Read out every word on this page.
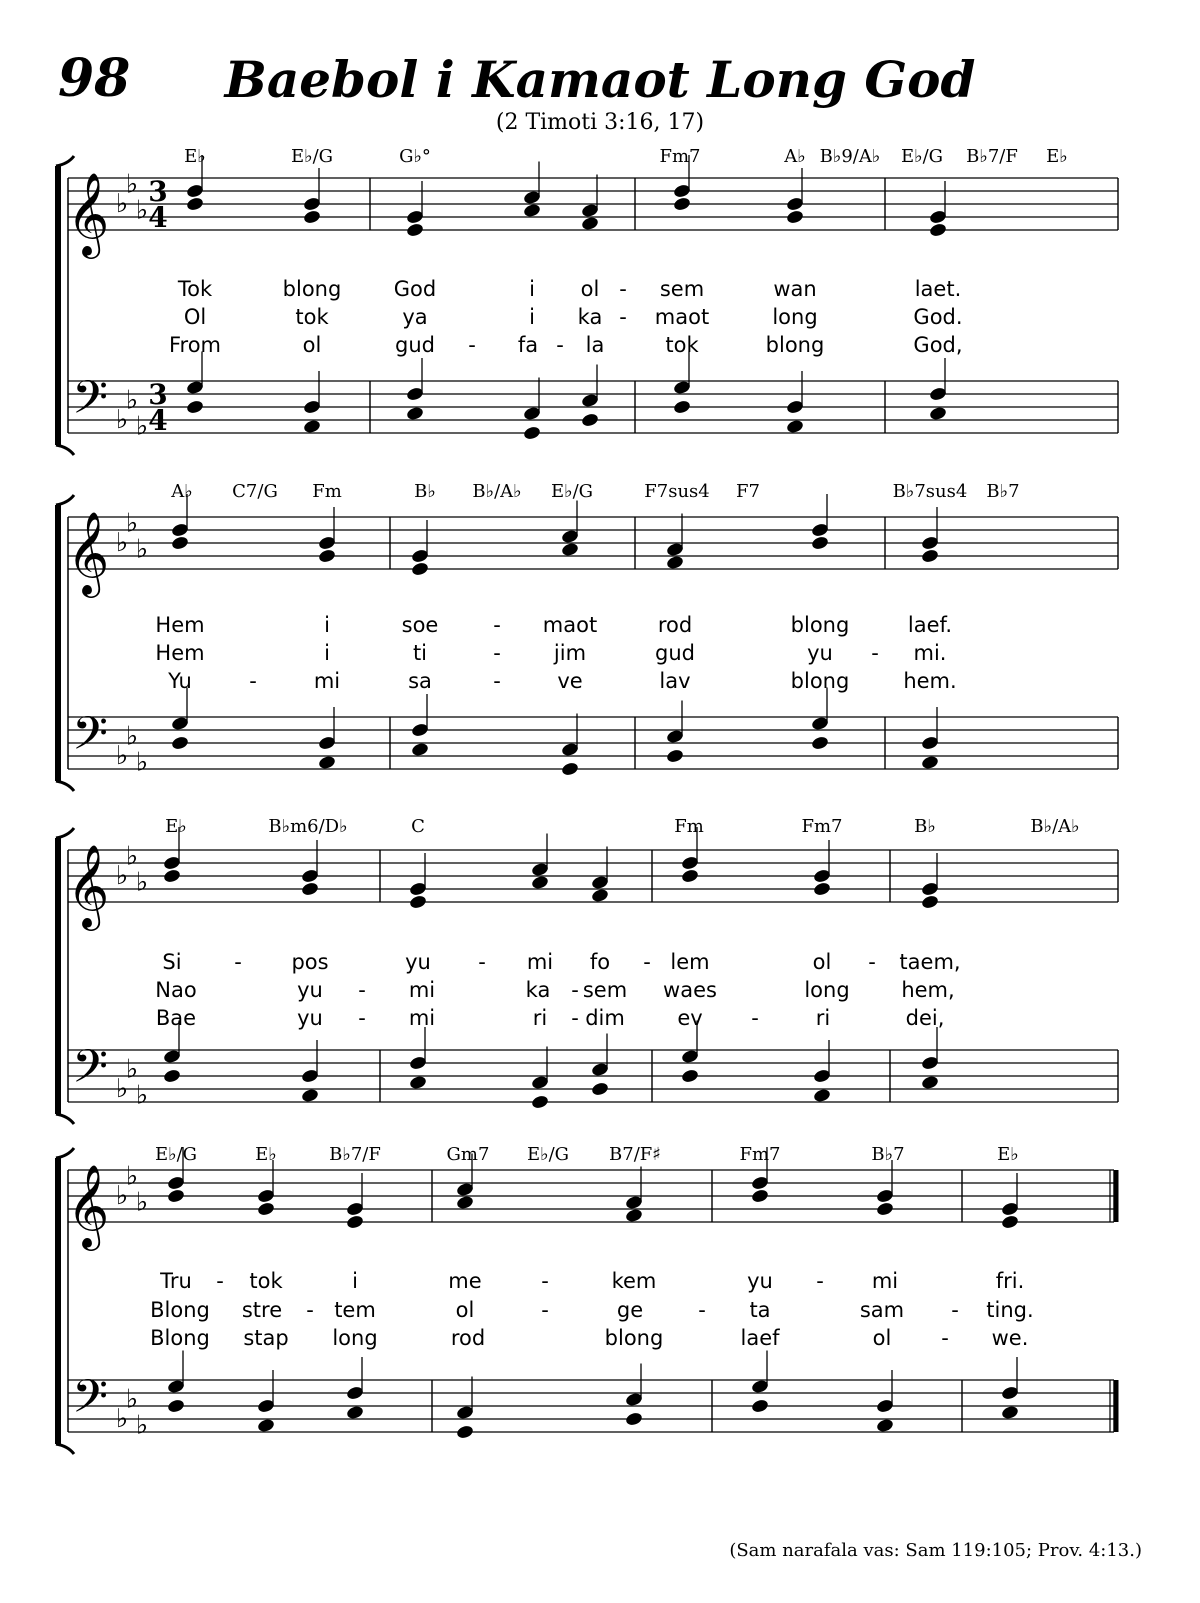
98	Baebol i Kamaot Long God
(2 Timoti 3:16, 17)
𝄞
𝄢
♭
♭
♭
♭
♭
♭
3
4
3
4
E♭	E♭/G	G♭°	Fm7	A♭ B♭9/A♭ E♭/G B♭7/F E♭
Tok	blong God	i ol - sem	wan	laet.
Ol	tok	ya	i ka - maot	long	God.
From	ol	gud - fa - la	tok	blong	God,
𝄞
𝄢
♭
♭
♭
♭
♭
♭
A♭ C7/G Fm	B♭ B♭/A♭ E♭/G	F7sus4 F7	B♭7sus4 B♭7
Hem	i	soe	- maot	rod	blong	laef.
Hem	i	ti	-	jim	gud	yu - mi.
Yu	-	mi	sa	-	ve	lav	blong	hem.
𝄞
𝄢
♭
♭
♭
♭
♭
♭
E♭	B♭m6/D♭	C	Fm	Fm7	B♭	B♭/A♭
Si	- pos	yu - mi fo - lem	ol - taem,
Nao	yu - mi	ka - sem waes	long hem,
Bae	yu - mi	ri - dim	ev -	ri	dei,
𝄞
𝄢
♭
♭
♭
♭
♭
♭
E♭/G	E♭	B♭7/F	Gm7 E♭/G B7/F♯	Fm7	B♭7	E♭
Tru - tok	i	me	-	kem	yu - mi	fri.
Blong stre - tem	ol	-	ge	- ta	sam - ting.
Blong stap long	rod	blong	laef	ol - we.
(Sam narafala vas: Sam 119:105; Prov. 4:13.)
